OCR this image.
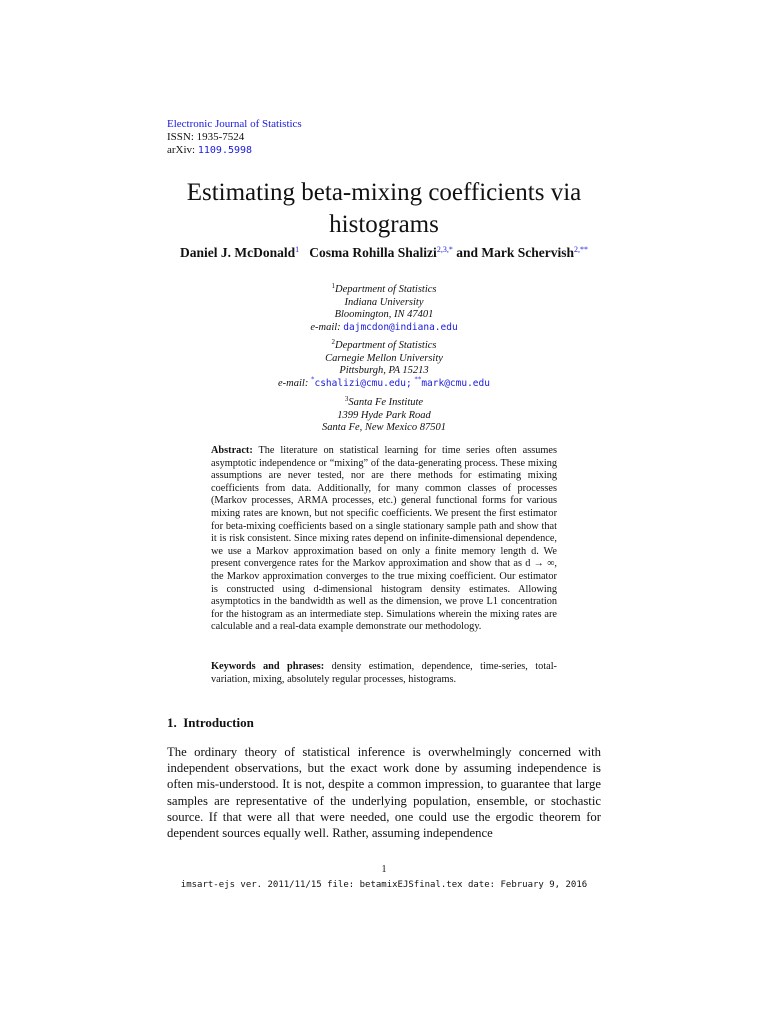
Electronic Journal of Statistics
ISSN: 1935-7524
arXiv: 1109.5998
Estimating beta-mixing coefficients via histograms
Daniel J. McDonald$^1$ Cosma Rohilla Shalizi$^{2,3,*}$ and Mark Schervish$^{2,**}$
$^1$Department of Statistics
Indiana University
Bloomington, IN 47401
e-mail: dajmcdon@indiana.edu
$^2$Department of Statistics
Carnegie Mellon University
Pittsburgh, PA 15213
e-mail: *cshalizi@cmu.edu; **mark@cmu.edu
$^3$Santa Fe Institute
1399 Hyde Park Road
Santa Fe, New Mexico 87501
Abstract: The literature on statistical learning for time series often assumes asymptotic independence or “mixing” of the data-generating process. These mixing assumptions are never tested, nor are there methods for estimating mixing coefficients from data. Additionally, for many common classes of processes (Markov processes, ARMA processes, etc.) general functional forms for various mixing rates are known, but not specific coefficients. We present the first estimator for beta-mixing coefficients based on a single stationary sample path and show that it is risk consistent. Since mixing rates depend on infinite-dimensional dependence, we use a Markov approximation based on only a finite memory length d. We present convergence rates for the Markov approximation and show that as d → ∞, the Markov approximation converges to the true mixing coefficient. Our estimator is constructed using d-dimensional histogram density estimates. Allowing asymptotics in the bandwidth as well as the dimension, we prove L1 concentration for the histogram as an intermediate step. Simulations wherein the mixing rates are calculable and a real-data example demonstrate our methodology.
Keywords and phrases: density estimation, dependence, time-series, total-variation, mixing, absolutely regular processes, histograms.
1. Introduction
The ordinary theory of statistical inference is overwhelmingly concerned with independent observations, but the exact work done by assuming independence is often mis-understood. It is not, despite a common impression, to guarantee that large samples are representative of the underlying population, ensemble, or stochastic source. If that were all that were needed, one could use the ergodic theorem for dependent sources equally well. Rather, assuming independence
1
imsart-ejs ver. 2011/11/15 file: betamixEJSfinal.tex date: February 9, 2016
